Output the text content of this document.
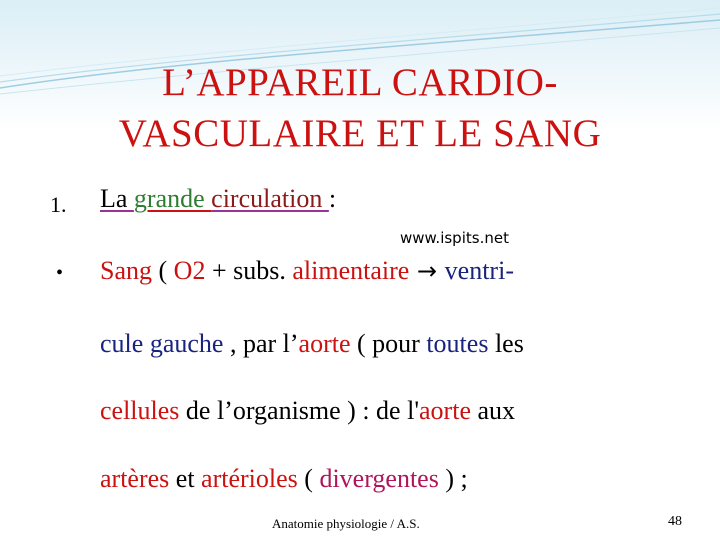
L’APPAREIL CARDIO-
VASCULAIRE ET LE SANG
1. La grande circulation :
www.ispits.net
• Sang ( O2 + subs. alimentaire → ventri-
cule gauche , par l’aorte ( pour toutes les
cellules de l’organisme ) : de l'aorte aux
artères et artérioles ( divergentes ) ;
Anatomie physiologie / A.S.	48
